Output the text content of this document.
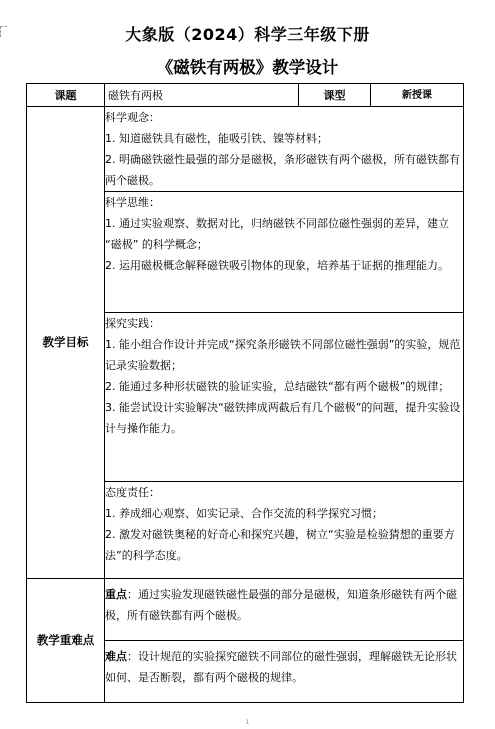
大象版（2024）科学三年级下册
《磁铁有两极》教学设计
课题	磁铁有两极	课型	新授课
教学目标	科学观念：

1. 知道磁铁具有磁性，能吸引铁、镍等材料；

2. 明确磁铁磁性最强的部分是磁极，条形磁铁有两个磁极，所有磁铁都有两个磁极。		

	科学思维：

1. 通过实验观察、数据对比，归纳磁铁不同部位磁性强弱的差异，建立 “磁极” 的科学概念；

2. 运用磁极概念解释磁铁吸引物体的现象，培养基于证据的推理能力。		

	探究实践：

1. 能小组合作设计并完成“探究条形磁铁不同部位磁性强弱”的实验，规范记录实验数据；

2. 能通过多种形状磁铁的验证实验，总结磁铁“都有两个磁极”的规律；

3. 能尝试设计实验解决“磁铁摔成两截后有几个磁极”的问题，提升实验设计与操作能力。		

	态度责任：

1. 养成细心观察、如实记录、合作交流的科学探究习惯；

2. 激发对磁铁奥秘的好奇心和探究兴趣，树立“实验是检验猜想的重要方法”的科学态度。		

教学重难点	重点：通过实验发现磁铁磁性最强的部分是磁极，知道条形磁铁有两个磁极，所有磁铁都有两个磁极。		

	难点：设计规范的实验探究磁铁不同部位的磁性强弱，理解磁铁无论形状如何、是否断裂，都有两个磁极的规律。		

1
